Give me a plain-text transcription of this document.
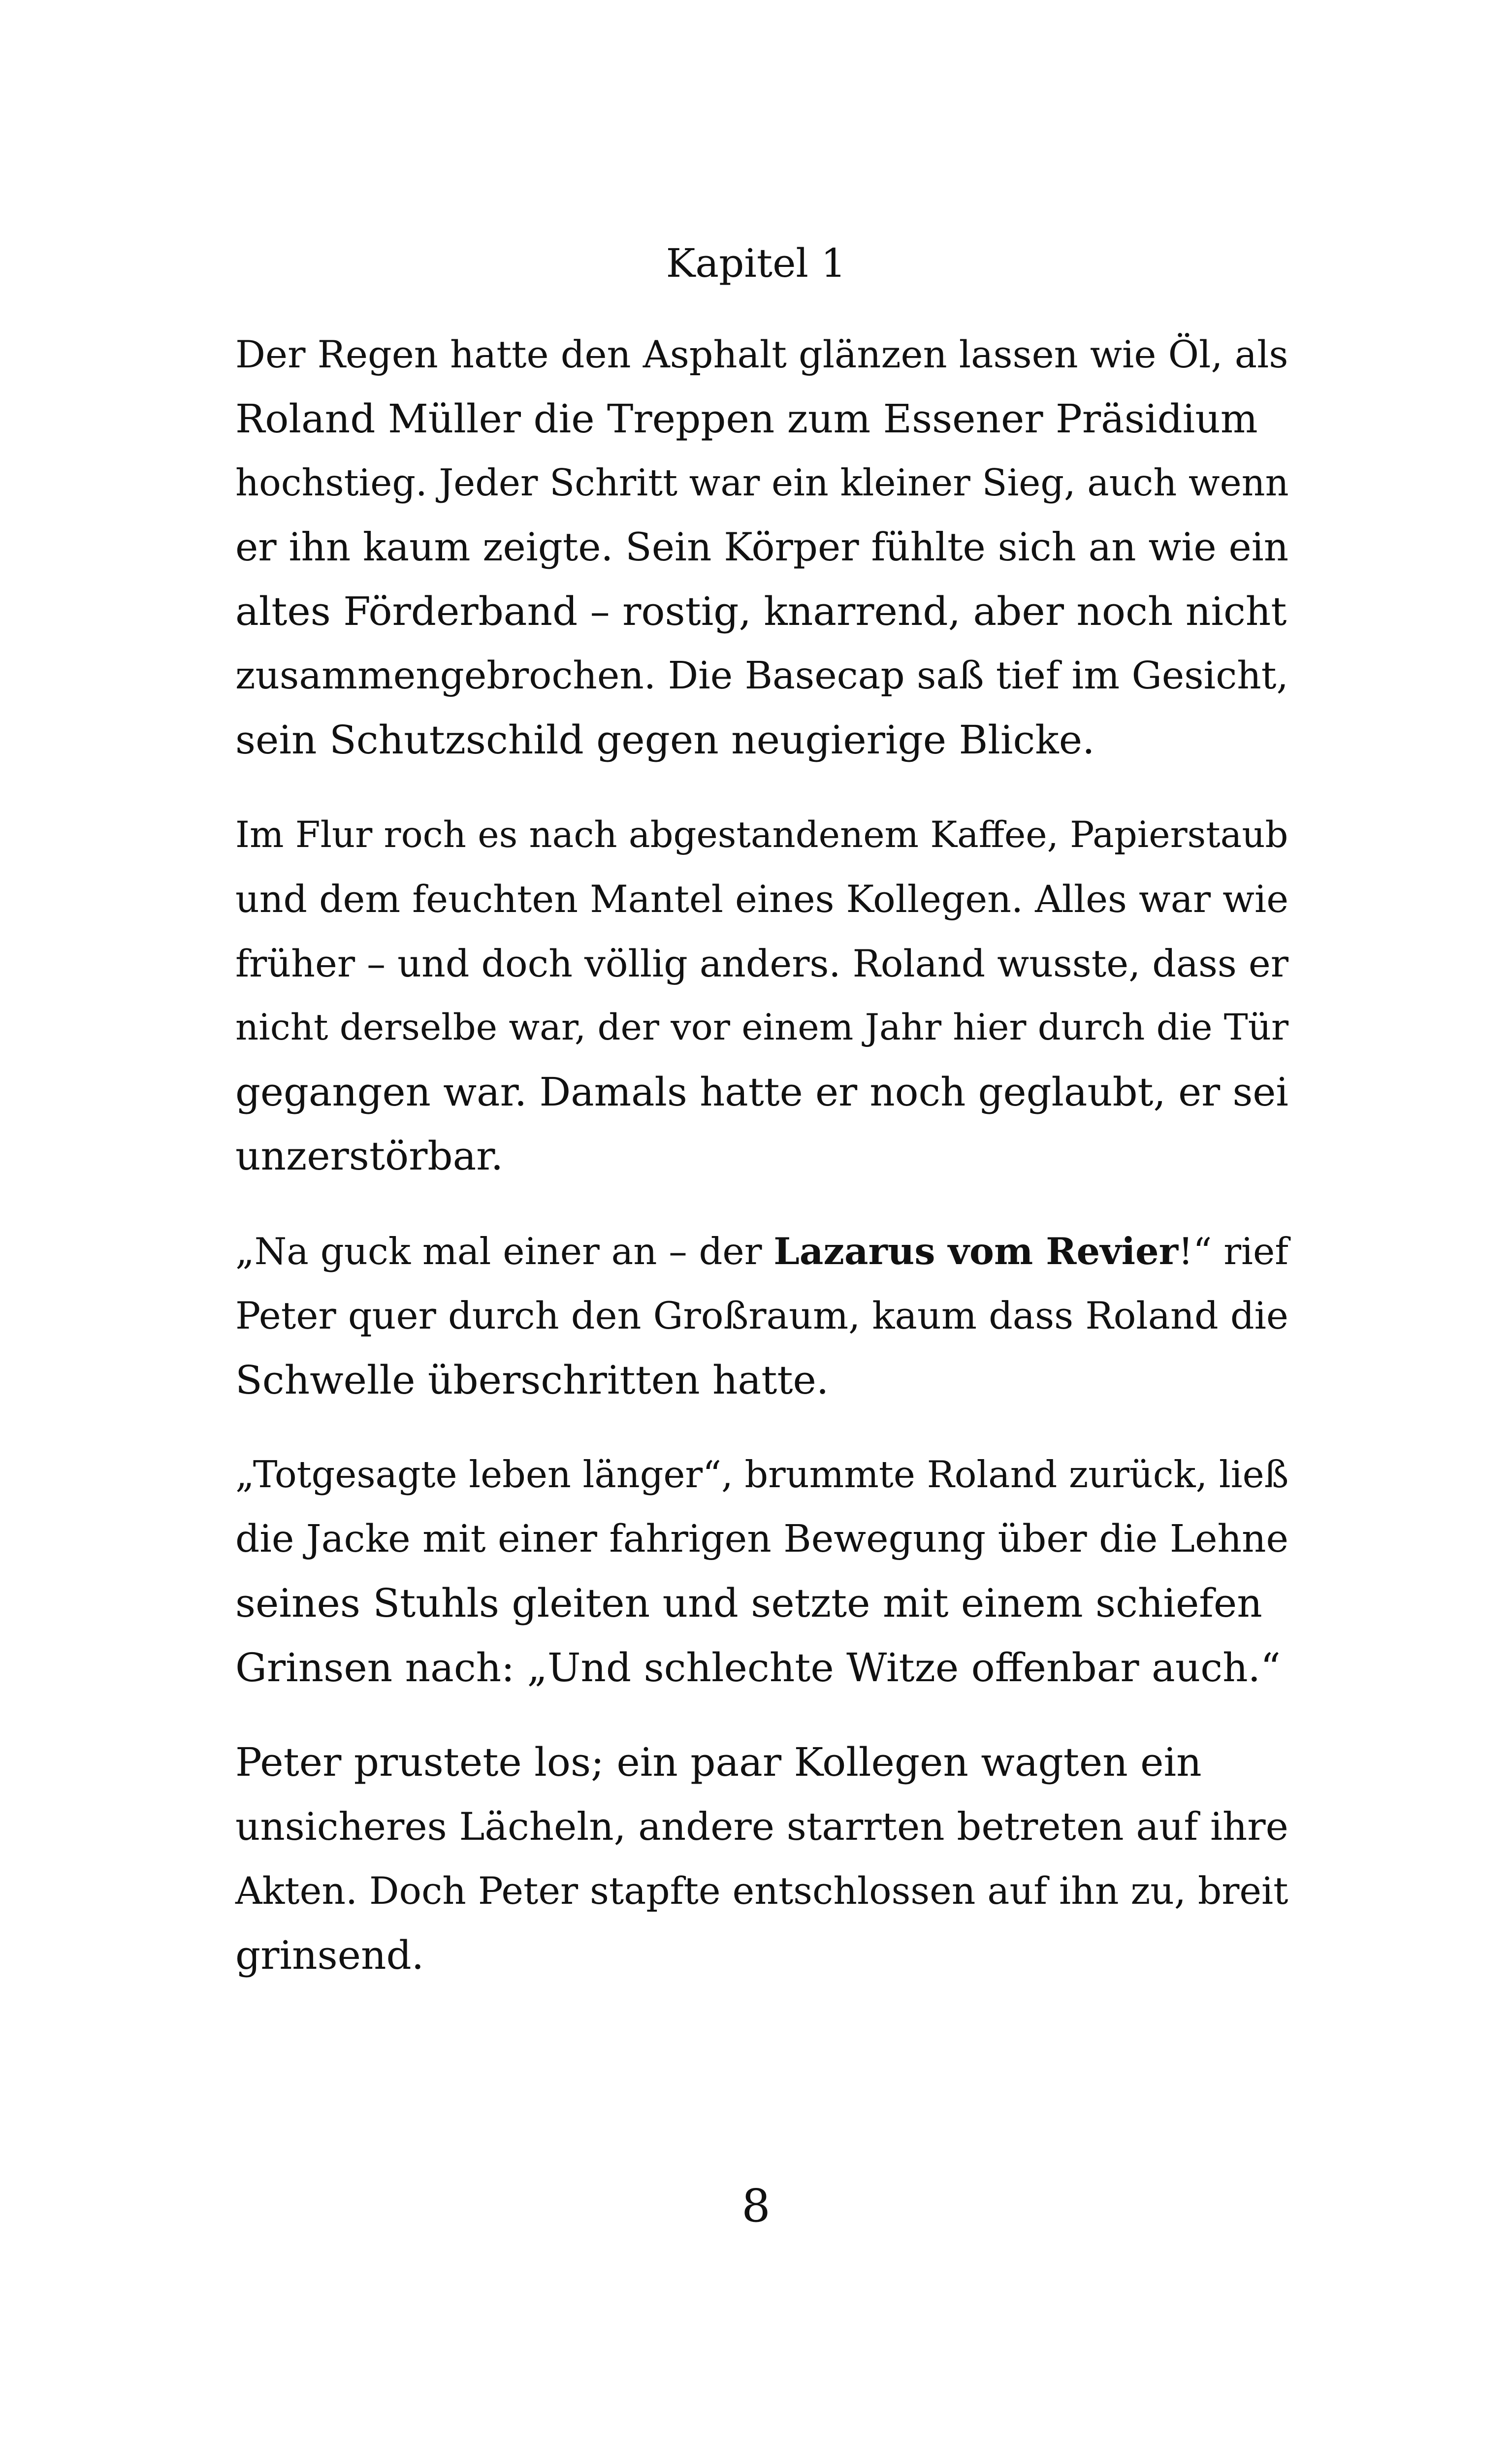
Kapitel 1

Der Regen hatte den Asphalt glänzen lassen wie Öl, als
Roland Müller die Treppen zum Essener Präsidium
hochstieg. Jeder Schritt war ein kleiner Sieg, auch wenn
er ihn kaum zeigte. Sein Körper fühlte sich an wie ein
altes Förderband – rostig, knarrend, aber noch nicht
zusammengebrochen. Die Basecap saß tief im Gesicht,
sein Schutzschild gegen neugierige Blicke.

Im Flur roch es nach abgestandenem Kaffee, Papierstaub
und dem feuchten Mantel eines Kollegen. Alles war wie
früher – und doch völlig anders. Roland wusste, dass er
nicht derselbe war, der vor einem Jahr hier durch die Tür
gegangen war. Damals hatte er noch geglaubt, er sei
unzerstörbar.

„Na guck mal einer an – der Lazarus vom Revier!“ rief
Peter quer durch den Großraum, kaum dass Roland die
Schwelle überschritten hatte.

„Totgesagte leben länger“, brummte Roland zurück, ließ
die Jacke mit einer fahrigen Bewegung über die Lehne
seines Stuhls gleiten und setzte mit einem schiefen
Grinsen nach: „Und schlechte Witze offenbar auch.“

Peter prustete los; ein paar Kollegen wagten ein
unsicheres Lächeln, andere starrten betreten auf ihre
Akten. Doch Peter stapfte entschlossen auf ihn zu, breit
grinsend.

8
